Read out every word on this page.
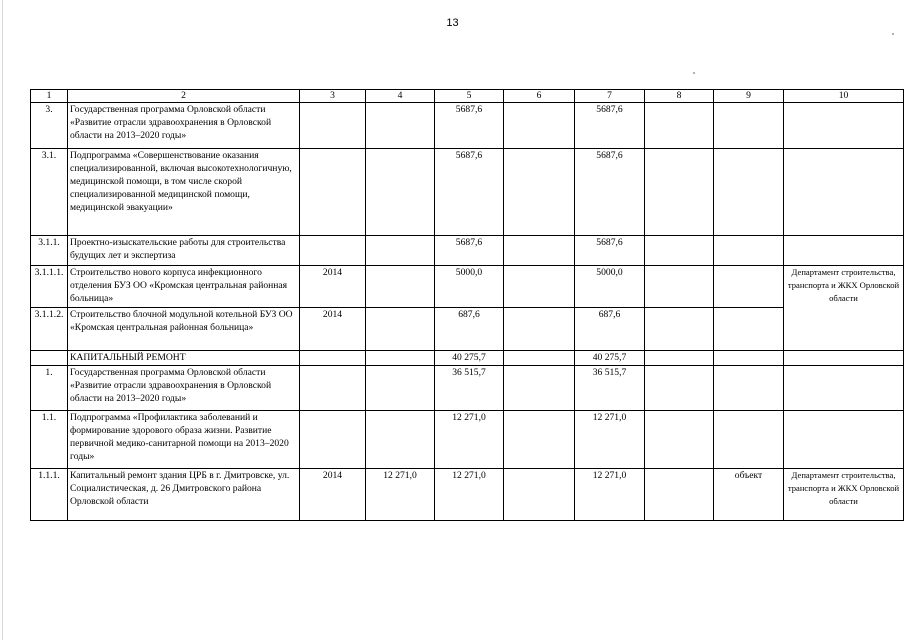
13
1	2	3	4	5	6	7	8	9	10
3.	Государственная программа Орловской области «Развитие отрасли здравоохранения в Орловской области на 2013–2020 годы»			5687,6		5687,6			
3.1.	Подпрограмма «Совершенствование оказания специализированной, включая высокотехнологичную, медицинской помощи, в том числе скорой специализированной медицинской помощи, медицинской эвакуации»			5687,6		5687,6			
3.1.1.	Проектно-изыскательские работы для строительства будущих лет и экспертиза			5687,6		5687,6			
3.1.1.1.	Строительство нового корпуса инфекционного отделения БУЗ ОО «Кромская центральная районная больница»	2014		5000,0		5000,0			Департамент строительства, транспорта и ЖКХ Орловской области
3.1.1.2.	Строительство блочной модульной котельной БУЗ ОО «Кромская центральная районная больница»	2014		687,6		687,6			
	КАПИТАЛЬНЫЙ РЕМОНТ			40 275,7		40 275,7			
1.	Государственная программа Орловской области «Развитие отрасли здравоохранения в Орловской области на 2013–2020 годы»			36 515,7		36 515,7			
1.1.	Подпрограмма «Профилактика заболеваний и формирование здорового образа жизни. Развитие первичной медико-санитарной помощи на 2013–2020 годы»			12 271,0		12 271,0			
1.1.1.	Капитальный ремонт здания ЦРБ в г. Дмитровске, ул. Социалистическая, д. 26 Дмитровского района Орловской области	2014	12 271,0	12 271,0		12 271,0		объект	Департамент строительства, транспорта и ЖКХ Орловской области
